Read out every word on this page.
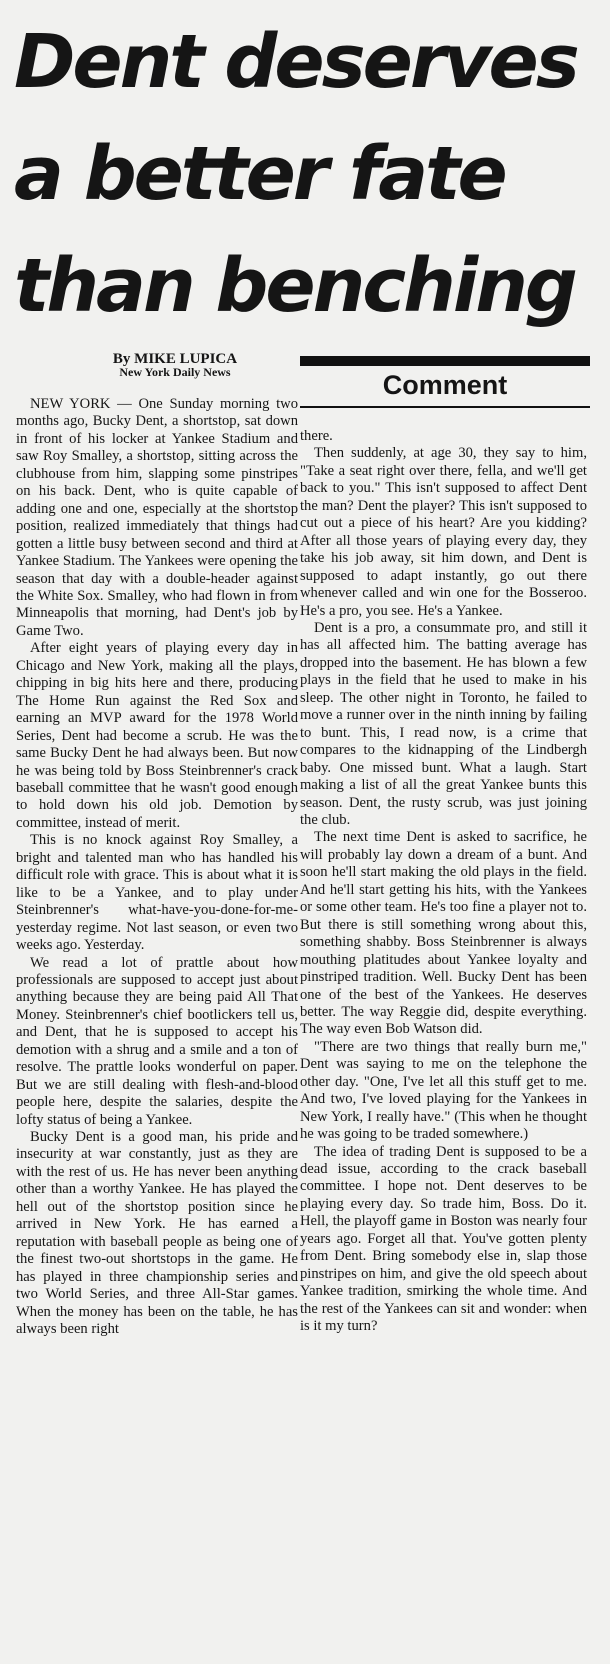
Dent deserves
a better fate
than benching
By MIKE LUPICA
New York Daily News	Comment

NEW YORK — One Sunday morning two months ago, Bucky Dent, a shortstop, sat down in front of his locker at Yankee Stadium and saw Roy Smalley, a shortstop, sitting across the clubhouse from him, slapping some pinstripes on his back. Dent, who is quite capable of adding one and one, especially at the shortstop position, realized immediately that things had gotten a little busy between second and third at Yankee Stadium. The Yankees were opening the season that day with a double-header against the White Sox. Smalley, who had flown in from Minneapolis that morning, had Dent's job by Game Two.

After eight years of playing every day in Chicago and New York, making all the plays, chipping in big hits here and there, producing The Home Run against the Red Sox and earning an MVP award for the 1978 World Series, Dent had become a scrub. He was the same Bucky Dent he had always been. But now he was being told by Boss Steinbrenner's crack baseball committee that he wasn't good enough to hold down his old job. Demotion by committee, instead of merit.

This is no knock against Roy Smalley, a bright and talented man who has handled his difficult role with grace. This is about what it is like to be a Yankee, and to play under Steinbrenner's what-have-you-done-for-me-yesterday regime. Not last season, or even two weeks ago. Yesterday.

We read a lot of prattle about how professionals are supposed to accept just about anything because they are being paid All That Money. Steinbrenner's chief bootlickers tell us, and Dent, that he is supposed to accept his demotion with a shrug and a smile and a ton of resolve. The prattle looks wonderful on paper. But we are still dealing with flesh-and-blood people here, despite the salaries, despite the lofty status of being a Yankee.

Bucky Dent is a good man, his pride and insecurity at war constantly, just as they are with the rest of us. He has never been anything other than a worthy Yankee. He has played the hell out of the shortstop position since he arrived in New York. He has earned a reputation with baseball people as being one of the finest two-out shortstops in the game. He has played in three championship series and two World Series, and three All-Star games. When the money has been on the table, he has always been right

there.

Then suddenly, at age 30, they say to him, "Take a seat right over there, fella, and we'll get back to you." This isn't supposed to affect Dent the man? Dent the player? This isn't supposed to cut out a piece of his heart? Are you kidding? After all those years of playing every day, they take his job away, sit him down, and Dent is supposed to adapt instantly, go out there whenever called and win one for the Bosseroo. He's a pro, you see. He's a Yankee.

Dent is a pro, a consummate pro, and still it has all affected him. The batting average has dropped into the basement. He has blown a few plays in the field that he used to make in his sleep. The other night in Toronto, he failed to move a runner over in the ninth inning by failing to bunt. This, I read now, is a crime that compares to the kidnapping of the Lindbergh baby. One missed bunt. What a laugh. Start making a list of all the great Yankee bunts this season. Dent, the rusty scrub, was just joining the club.

The next time Dent is asked to sacrifice, he will probably lay down a dream of a bunt. And soon he'll start making the old plays in the field. And he'll start getting his hits, with the Yankees or some other team. He's too fine a player not to. But there is still something wrong about this, something shabby. Boss Steinbrenner is always mouthing platitudes about Yankee loyalty and pinstriped tradition. Well. Bucky Dent has been one of the best of the Yankees. He deserves better. The way Reggie did, despite everything. The way even Bob Watson did.

"There are two things that really burn me," Dent was saying to me on the telephone the other day. "One, I've let all this stuff get to me. And two, I've loved playing for the Yankees in New York, I really have." (This when he thought he was going to be traded somewhere.)

The idea of trading Dent is supposed to be a dead issue, according to the crack baseball committee. I hope not. Dent deserves to be playing every day. So trade him, Boss. Do it. Hell, the playoff game in Boston was nearly four years ago. Forget all that. You've gotten plenty from Dent. Bring somebody else in, slap those pinstripes on him, and give the old speech about Yankee tradition, smirking the whole time. And the rest of the Yankees can sit and wonder: when is it my turn?
